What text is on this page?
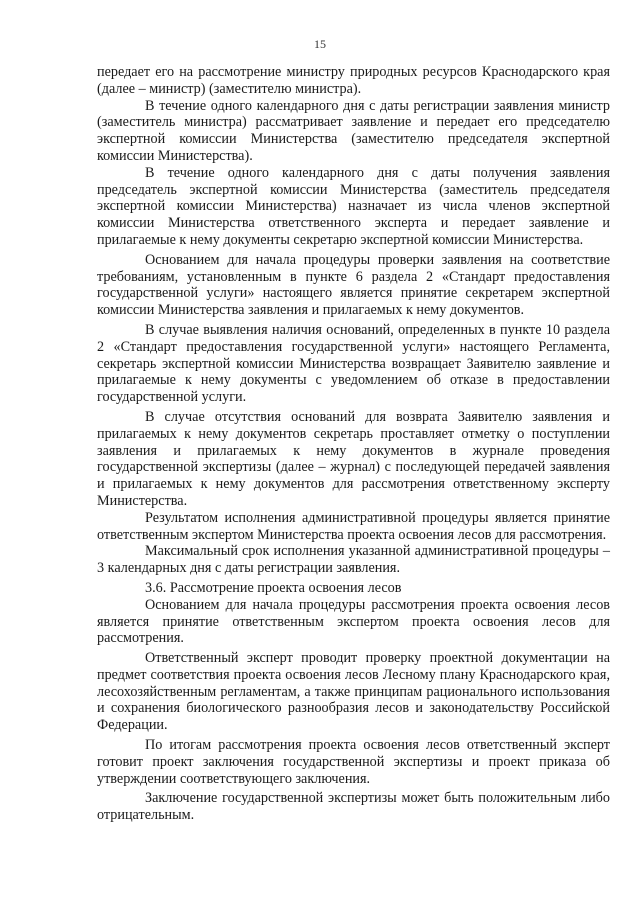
15

передает его на рассмотрение министру природных ресурсов Краснодарского края (далее – министр) (заместителю министра).

В течение одного календарного дня с даты регистрации заявления министр (заместитель министра) рассматривает заявление и передает его председателю экспертной комиссии Министерства (заместителю председателя экспертной комиссии Министерства).

В течение одного календарного дня с даты получения заявления председатель экспертной комиссии Министерства (заместитель председателя экспертной комиссии Министерства) назначает из числа членов экспертной комиссии Министерства ответственного эксперта и передает заявление и прилагаемые к нему документы секретарю экспертной комиссии Министерства.

Основанием для начала процедуры проверки заявления на соответствие требованиям, установленным в пункте 6 раздела 2 «Стандарт предоставления государственной услуги» настоящего является принятие секретарем экспертной комиссии Министерства заявления и прилагаемых к нему документов.

В случае выявления наличия оснований, определенных в пункте 10 раздела 2 «Стандарт предоставления государственной услуги» настоящего Регламента, секретарь экспертной комиссии Министерства возвращает Заявителю заявление и прилагаемые к нему документы с уведомлением об отказе в предоставлении государственной услуги.

В случае отсутствия оснований для возврата Заявителю заявления и прилагаемых к нему документов секретарь проставляет отметку о поступлении заявления и прилагаемых к нему документов в журнале проведения государственной экспертизы (далее – журнал) с последующей передачей заявления и прилагаемых к нему документов для рассмотрения ответственному эксперту Министерства.

Результатом исполнения административной процедуры является принятие ответственным экспертом Министерства проекта освоения лесов для рассмотрения.

Максимальный срок исполнения указанной административной процедуры – 3 календарных дня с даты регистрации заявления.

3.6. Рассмотрение проекта освоения лесов

Основанием для начала процедуры рассмотрения проекта освоения лесов является принятие ответственным экспертом проекта освоения лесов для рассмотрения.

Ответственный эксперт проводит проверку проектной документации на предмет соответствия проекта освоения лесов Лесному плану Краснодарского края, лесохозяйственным регламентам, а также принципам рационального использования и сохранения биологического разнообразия лесов и законодательству Российской Федерации.

По итогам рассмотрения проекта освоения лесов ответственный эксперт готовит проект заключения государственной экспертизы и проект приказа об утверждении соответствующего заключения.

Заключение государственной экспертизы может быть положительным либо отрицательным.
